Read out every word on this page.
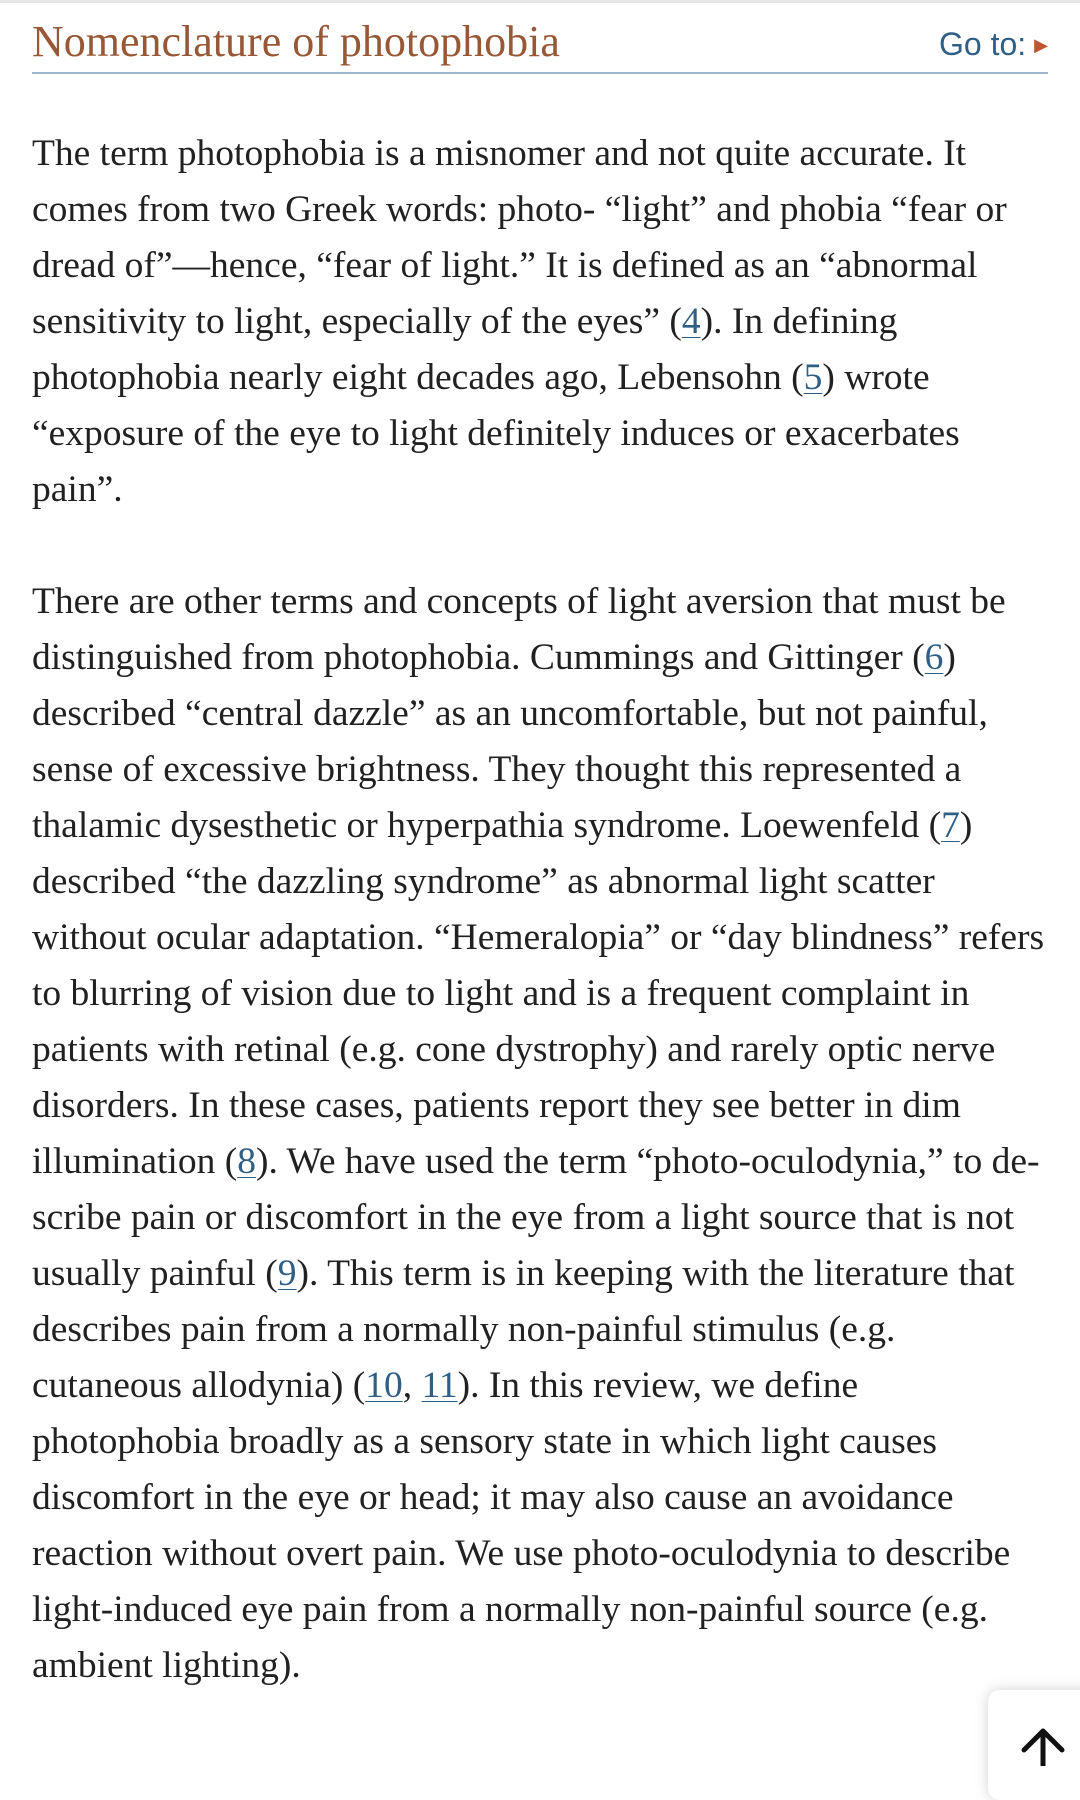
Nomenclature of photophobia	Go to: ▶

The term photophobia is a misnomer and not quite accurate. It comes from two Greek words: photo- “light” and phobia “fear or dread of”—hence, “fear of light.” It is defined as an “abnormal sensitivity to light, especially of the eyes” (4). In defining photophobia nearly eight decades ago, Lebensohn (5) wrote “exposure of the eye to light definitely induces or exacerbates pain”.

There are other terms and concepts of light aversion that must be distinguished from photophobia. Cummings and Gittinger (6) described “central dazzle” as an uncomfortable, but not painful, sense of excessive brightness. They thought this represented a thalamic dysesthetic or hyperpathia syndrome. Loewenfeld (7) described “the dazzling syndrome” as abnormal light scatter without ocular adaptation. “Hemeralopia” or “day blindness” refers to blurring of vision due to light and is a frequent complaint in patients with retinal (e.g. cone dystrophy) and rarely optic nerve disorders. In these cases, patients report they see better in dim illumination (8). We have used the term “photo-oculodynia,” to describe pain or discomfort in the eye from a light source that is not usually painful (9). This term is in keeping with the literature that describes pain from a normally non-painful stimulus (e.g. cutaneous allodynia) (10, 11). In this review, we define photophobia broadly as a sensory state in which light causes discomfort in the eye or head; it may also cause an avoidance reaction without overt pain. We use photo-oculodynia to describe light-induced eye pain from a normally non-painful source (e.g. ambient lighting).
